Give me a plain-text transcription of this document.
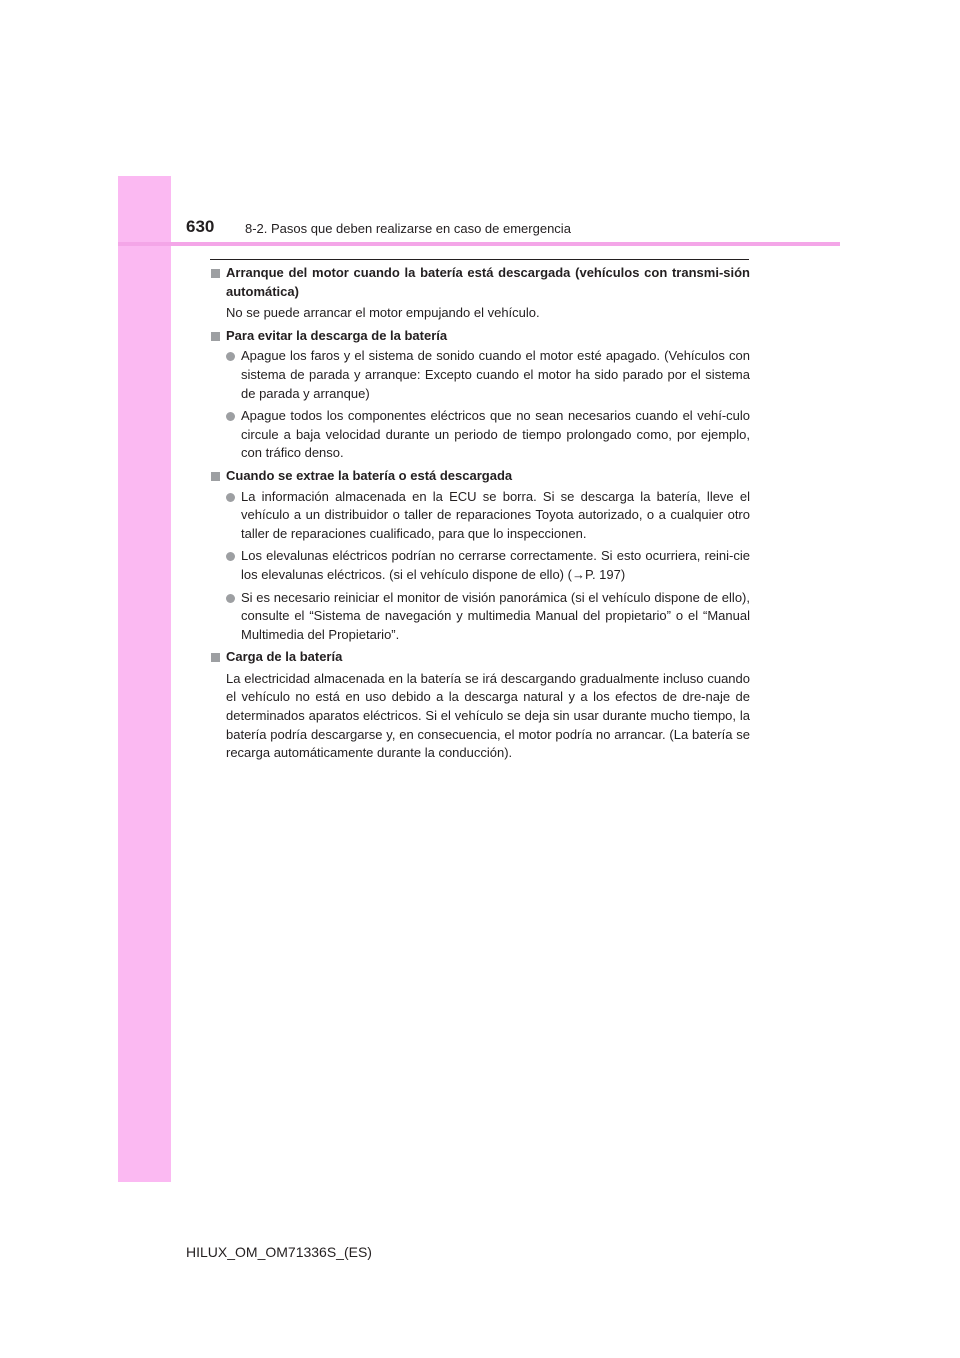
630 8-2. Pasos que deben realizarse en caso de emergencia
Arranque del motor cuando la batería está descargada (vehículos con transmi-sión automática)
No se puede arrancar el motor empujando el vehículo.
Para evitar la descarga de la batería
Apague los faros y el sistema de sonido cuando el motor esté apagado. (Vehículos con sistema de parada y arranque: Excepto cuando el motor ha sido parado por el sistema de parada y arranque)
Apague todos los componentes eléctricos que no sean necesarios cuando el vehí-culo circule a baja velocidad durante un periodo de tiempo prolongado como, por ejemplo, con tráfico denso.
Cuando se extrae la batería o está descargada
La información almacenada en la ECU se borra. Si se descarga la batería, lleve el vehículo a un distribuidor o taller de reparaciones Toyota autorizado, o a cualquier otro taller de reparaciones cualificado, para que lo inspeccionen.
Los elevalunas eléctricos podrían no cerrarse correctamente. Si esto ocurriera, reini-cie los elevalunas eléctricos. (si el vehículo dispone de ello) (→P. 197)
Si es necesario reiniciar el monitor de visión panorámica (si el vehículo dispone de ello), consulte el “Sistema de navegación y multimedia Manual del propietario” o el “Manual Multimedia del Propietario”.
Carga de la batería
La electricidad almacenada en la batería se irá descargando gradualmente incluso cuando el vehículo no está en uso debido a la descarga natural y a los efectos de dre-naje de determinados aparatos eléctricos. Si el vehículo se deja sin usar durante mucho tiempo, la batería podría descargarse y, en consecuencia, el motor podría no arrancar. (La batería se recarga automáticamente durante la conducción).
HILUX_OM_OM71336S_(ES)
